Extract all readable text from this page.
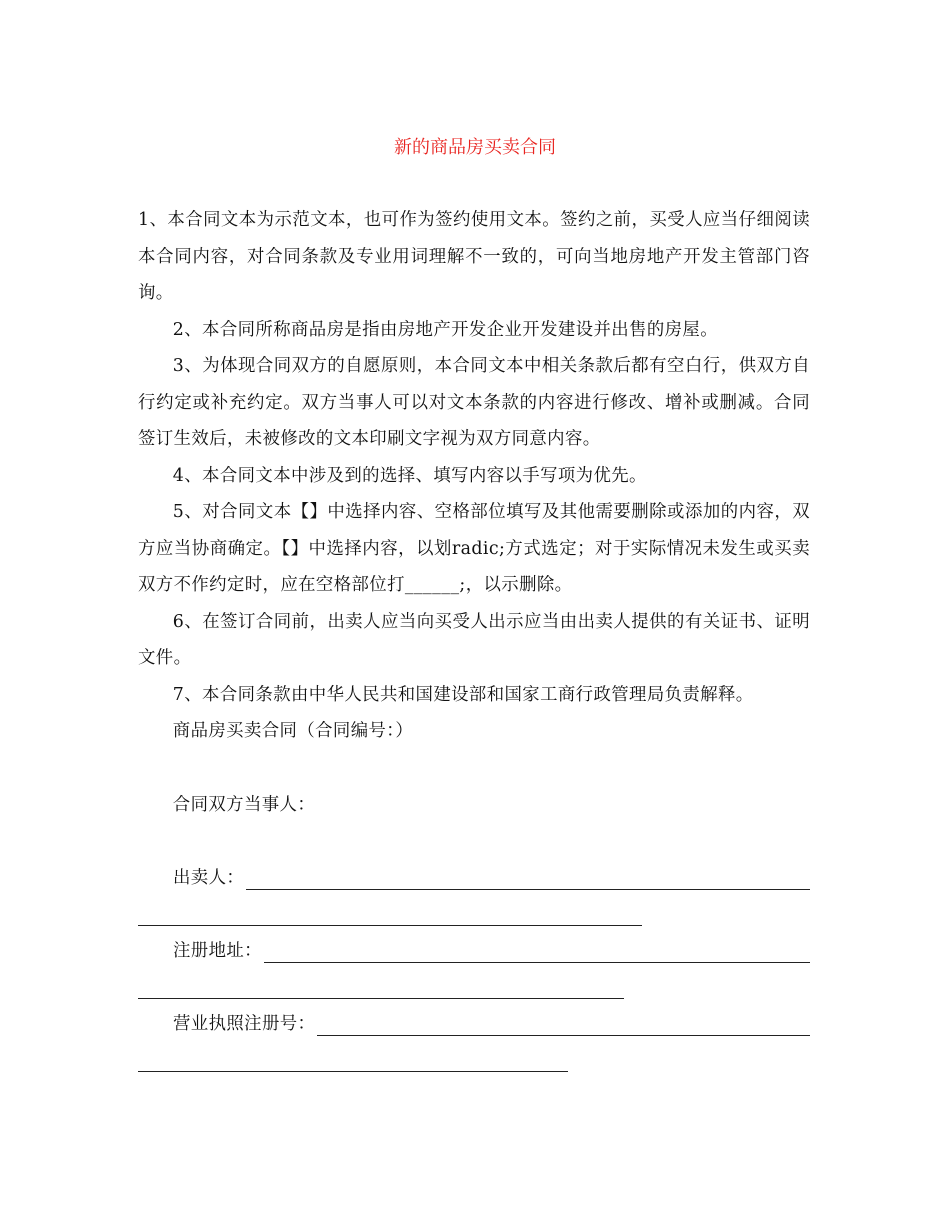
新的商品房买卖合同

1、本合同文本为示范文本，也可作为签约使用文本。签约之前，买受人应当仔细阅读本合同内容，对合同条款及专业用词理解不一致的，可向当地房地产开发主管部门咨询。

2、本合同所称商品房是指由房地产开发企业开发建设并出售的房屋。

3、为体现合同双方的自愿原则，本合同文本中相关条款后都有空白行，供双方自行约定或补充约定。双方当事人可以对文本条款的内容进行修改、增补或删减。合同签订生效后，未被修改的文本印刷文字视为双方同意内容。

4、本合同文本中涉及到的选择、填写内容以手写项为优先。

5、对合同文本【】中选择内容、空格部位填写及其他需要删除或添加的内容，双方应当协商确定。【】中选择内容，以划radic;方式选定；对于实际情况未发生或买卖双方不作约定时，应在空格部位打______;，以示删除。

6、在签订合同前，出卖人应当向买受人出示应当由出卖人提供的有关证书、证明文件。

7、本合同条款由中华人民共和国建设部和国家工商行政管理局负责解释。

商品房买卖合同（合同编号：）

合同双方当事人：

出卖人：
注册地址：
营业执照注册号：
